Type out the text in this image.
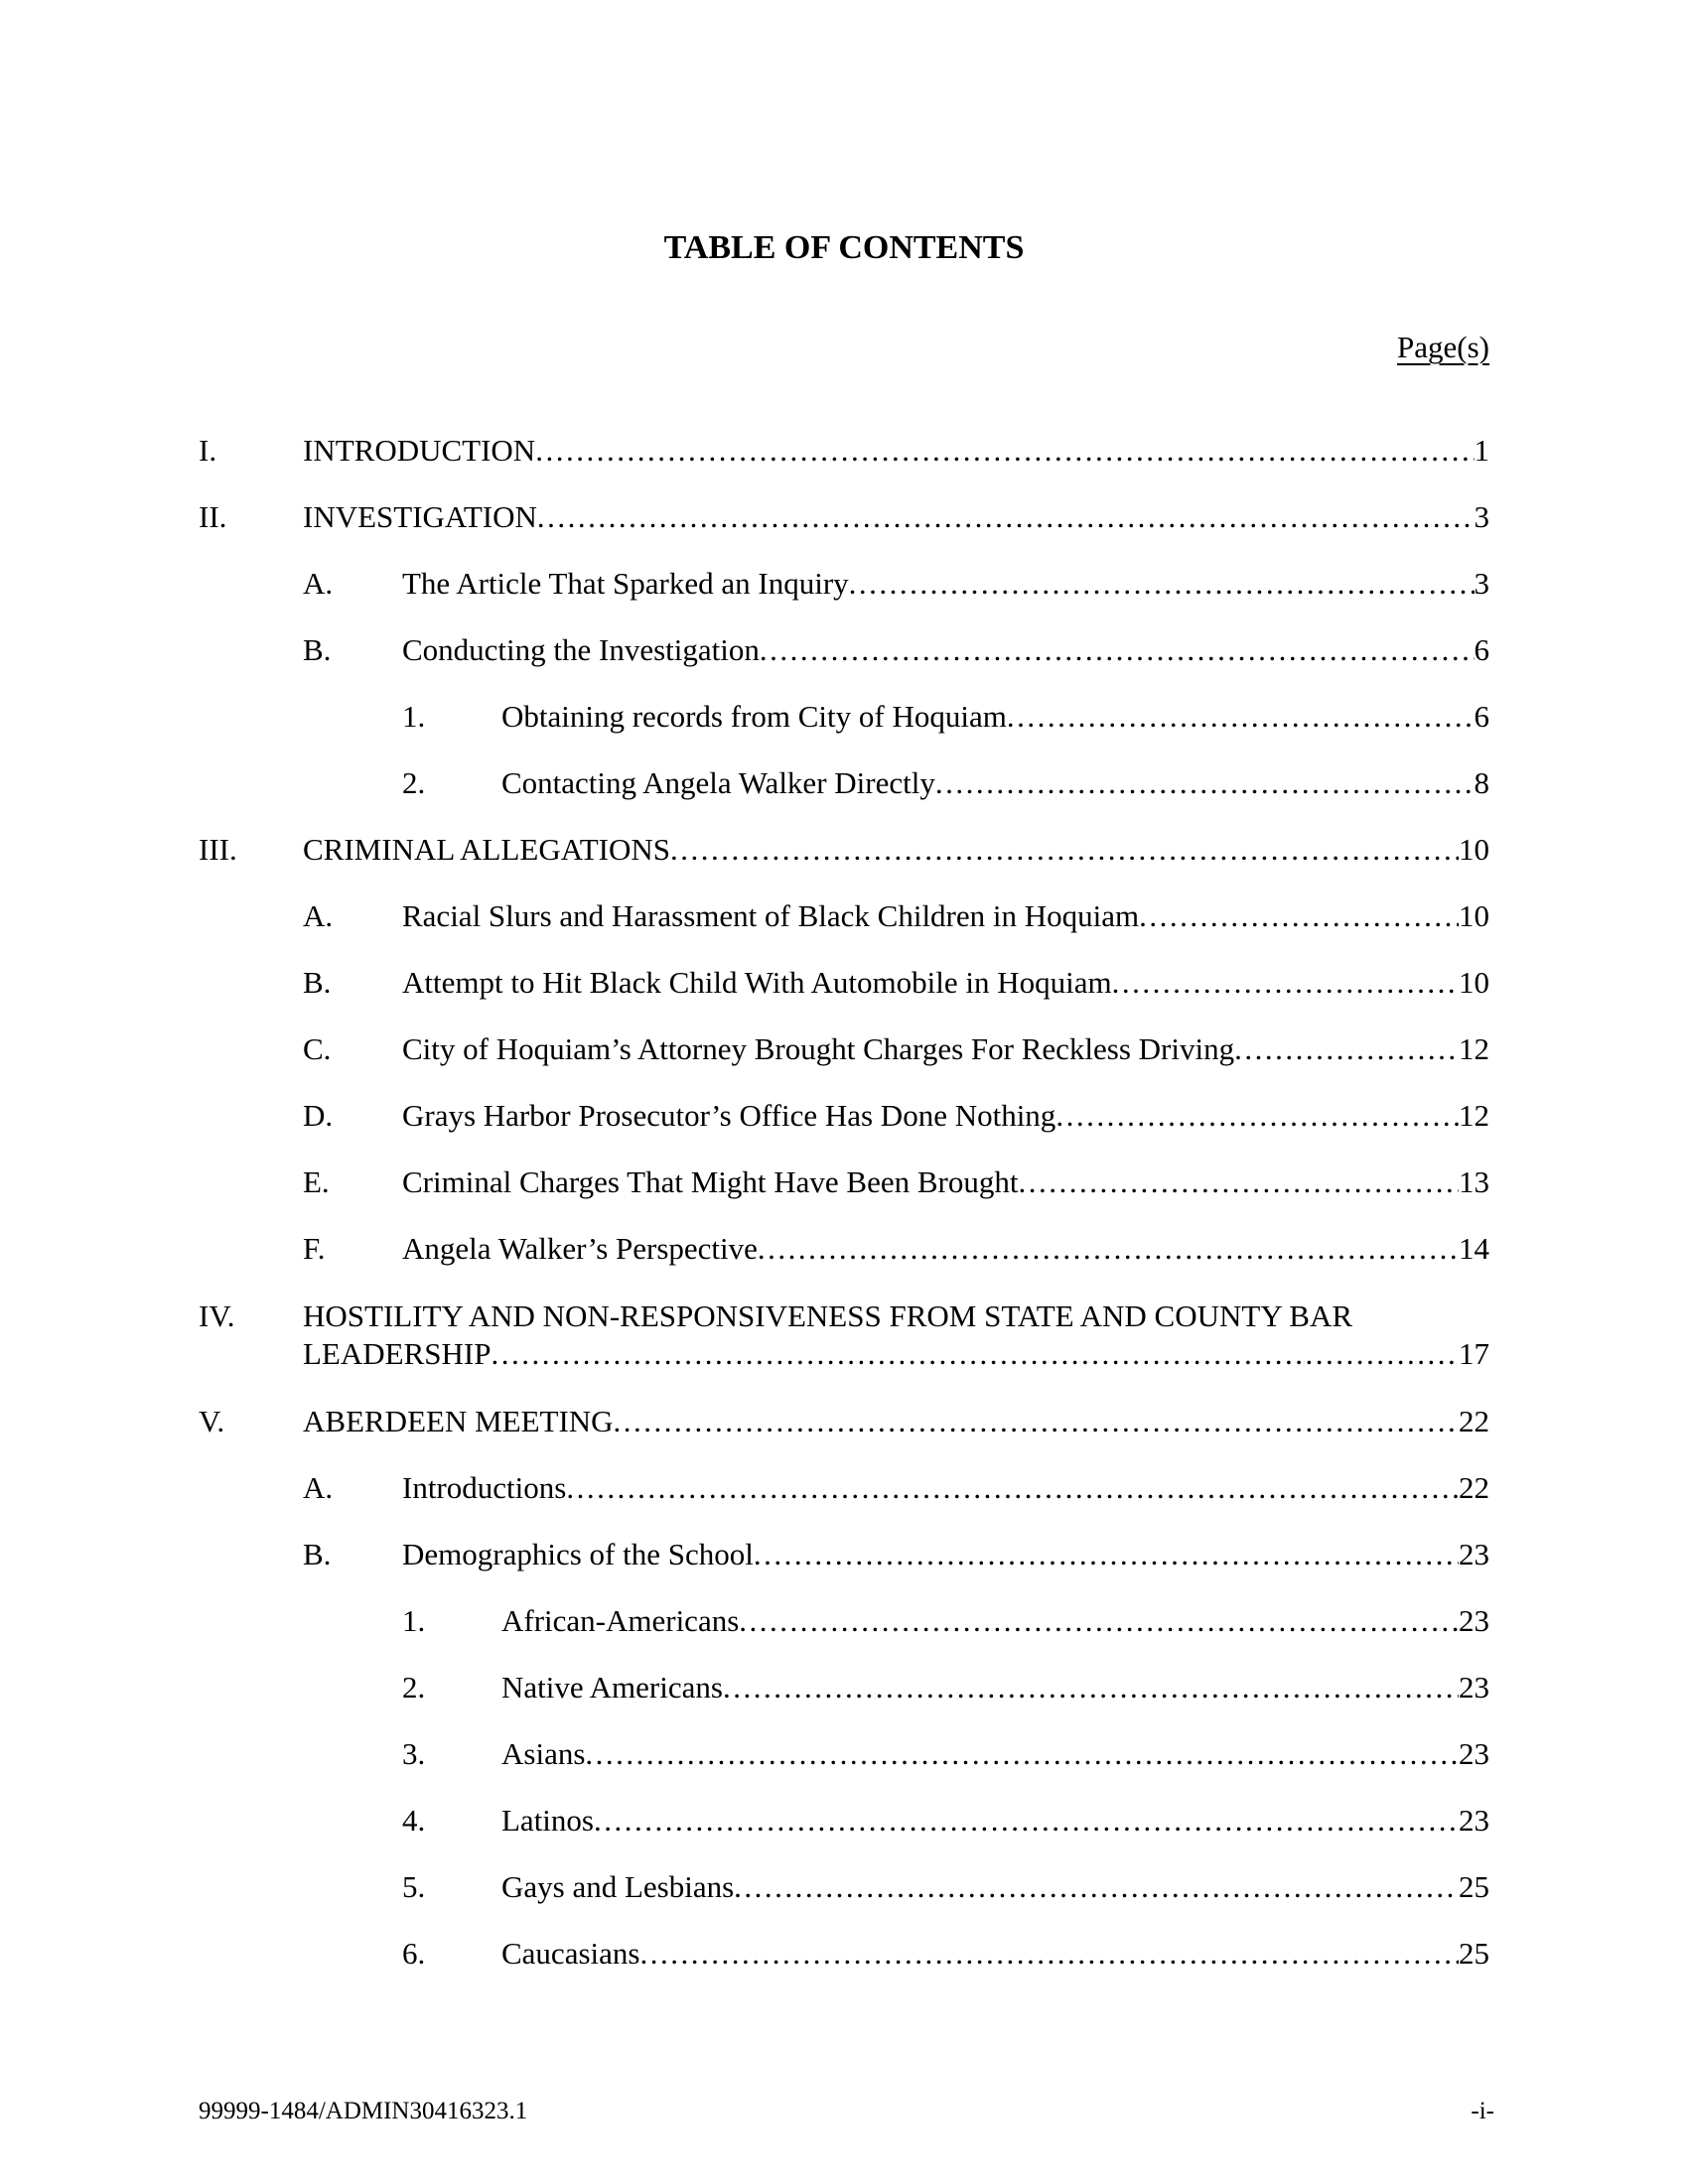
TABLE OF CONTENTS
Page(s)
I.	INTRODUCTION .....	1
II.	INVESTIGATION .....	3
A.	The Article That Sparked an Inquiry .....	3
B.	Conducting the Investigation .....	6
1.	Obtaining records from City of Hoquiam .....	6
2.	Contacting Angela Walker Directly .....	8
III.	CRIMINAL ALLEGATIONS .....	10
A.	Racial Slurs and Harassment of Black Children in Hoquiam .....	10
B.	Attempt to Hit Black Child With Automobile in Hoquiam .....	10
C.	City of Hoquiam’s Attorney Brought Charges For Reckless Driving .....	12
D.	Grays Harbor Prosecutor’s Office Has Done Nothing .....	12
E.	Criminal Charges That Might Have Been Brought .....	13
F.	Angela Walker’s Perspective .....	14
IV.	HOSTILITY AND NON-RESPONSIVENESS FROM STATE AND COUNTY BAR
LEADERSHIP .....	17
V.	ABERDEEN MEETING .....	22
A.	Introductions .....	22
B.	Demographics of the School .....	23
1.	African-Americans .....	23
2.	Native Americans .....	23
3.	Asians .....	23
4.	Latinos .....	23
5.	Gays and Lesbians .....	25
6.	Caucasians .....	25
99999-1484/ADMIN30416323.1	-i-
